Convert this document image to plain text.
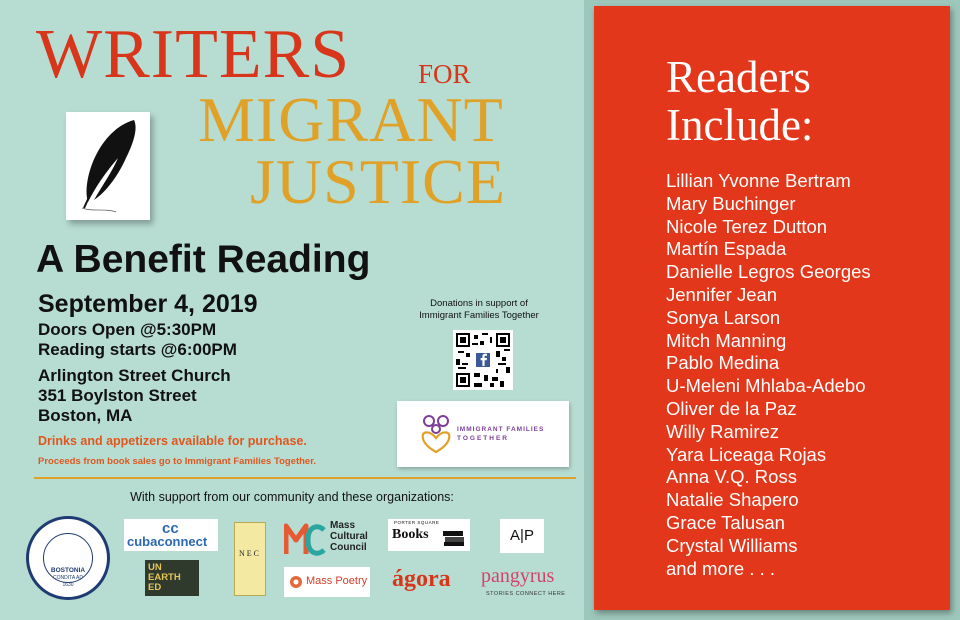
WRITERS	FOR
MIGRANT
JUSTICE
A Benefit Reading
September 4, 2019
Doors Open @5:30PM
Reading starts @6:00PM
Arlington Street Church
351 Boylston Street
Boston, MA
Drinks and appetizers available for purchase.
Proceeds from book sales go to Immigrant Families Together.
Donations in support of
Immigrant Families Together
IMMIGRANT FAMILIES
TOGETHER
With support from our community and these organizations:
BOSTONIA
CONDITA AD
1630
cc
cubaconnect
UN
EARTH
ED
N E C
Mass
Cultural
Council
Mass Poetry
PORTER SQUARE
Books
ágora
A|P
pangyrus
STORIES CONNECT HERE
Readers
Include:
Lillian Yvonne Bertram
Mary Buchinger
Nicole Terez Dutton
Martín Espada
Danielle Legros Georges
Jennifer Jean
Sonya Larson
Mitch Manning
Pablo Medina
U-Meleni Mhlaba-Adebo
Oliver de la Paz
Willy Ramirez
Yara Liceaga Rojas
Anna V.Q. Ross
Natalie Shapero
Grace Talusan
Crystal Williams
and more . . .
